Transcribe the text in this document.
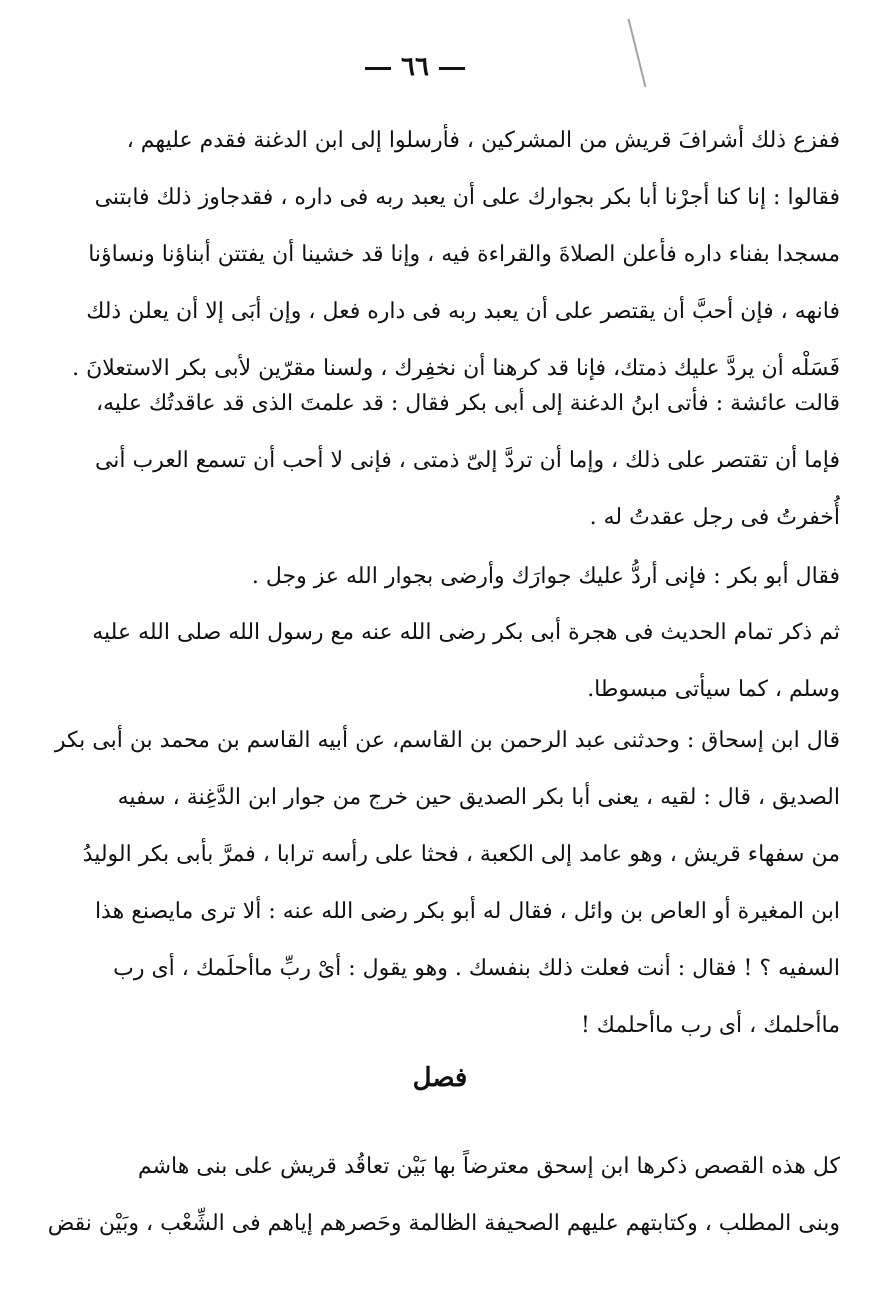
٦٦
ففزع ذلك أشرافَ قريش من المشركين ، فأرسلوا إلى ابن الدغنة فقدم عليهم ،
فقالوا : إنا كنا أجرْنا أبا بكر بجوارك على أن يعبد ربه فى داره ، فقدجاوز ذلك فابتنى
مسجدا بفناء داره فأعلن الصلاةَ والقراءة فيه ، وإنا قد خشينا أن يفتتن أبناؤنا ونساؤنا
فانهه ، فإن أحبَّ أن يقتصر على أن يعبد ربه فى داره فعل ، وإن أبَى إلا أن يعلن ذلك
فَسَلْه أن يردَّ عليك ذمتك، فإنا قد كرهنا أن نخفِرك ، ولسنا مقرّين لأبى بكر الاستعلانَ .
قالت عائشة : فأتى ابنُ الدغنة إلى أبى بكر فقال : قد علمتَ الذى قد عاقدتُك عليه،
فإما أن تقتصر على ذلك ، وإما أن تردَّ إلىّ ذمتى ، فإنى لا أحب أن تسمع العرب أنى
أُخفرتُ فى رجل عقدتُ له .
فقال أبو بكر : فإنى أردُّ عليك جوارَك وأرضى بجوار الله عز وجل .
ثم ذكر تمام الحديث فى هجرة أبى بكر رضى الله عنه مع رسول الله صلى الله عليه
وسلم ، كما سيأتى مبسوطا.
قال ابن إسحاق : وحدثنى عبد الرحمن بن القاسم، عن أبيه القاسم بن محمد بن أبى بكر
الصديق ، قال : لقيه ، يعنى أبا بكر الصديق حين خرج من جوار ابن الدَّغِنة ، سفيه
من سفهاء قريش ، وهو عامد إلى الكعبة ، فحثا على رأسه ترابا ، فمرَّ بأبى بكر الوليدُ
ابن المغيرة أو العاص بن وائل ، فقال له أبو بكر رضى الله عنه : ألا ترى مايصنع هذا
السفيه ؟ ! فقال : أنت فعلت ذلك بنفسك . وهو يقول : أىْ ربِّ ماأحلَمك ، أى رب
ماأحلمك ، أى رب ماأحلمك !
فصل
كل هذه القصص ذكرها ابن إسحق معترضاً بها بَيْن تعاقُد قريش على بنى هاشم
وبنى المطلب ، وكتابتهم عليهم الصحيفة الظالمة وحَصرهم إياهم فى الشِّعْب ، وبَيْن نقض
